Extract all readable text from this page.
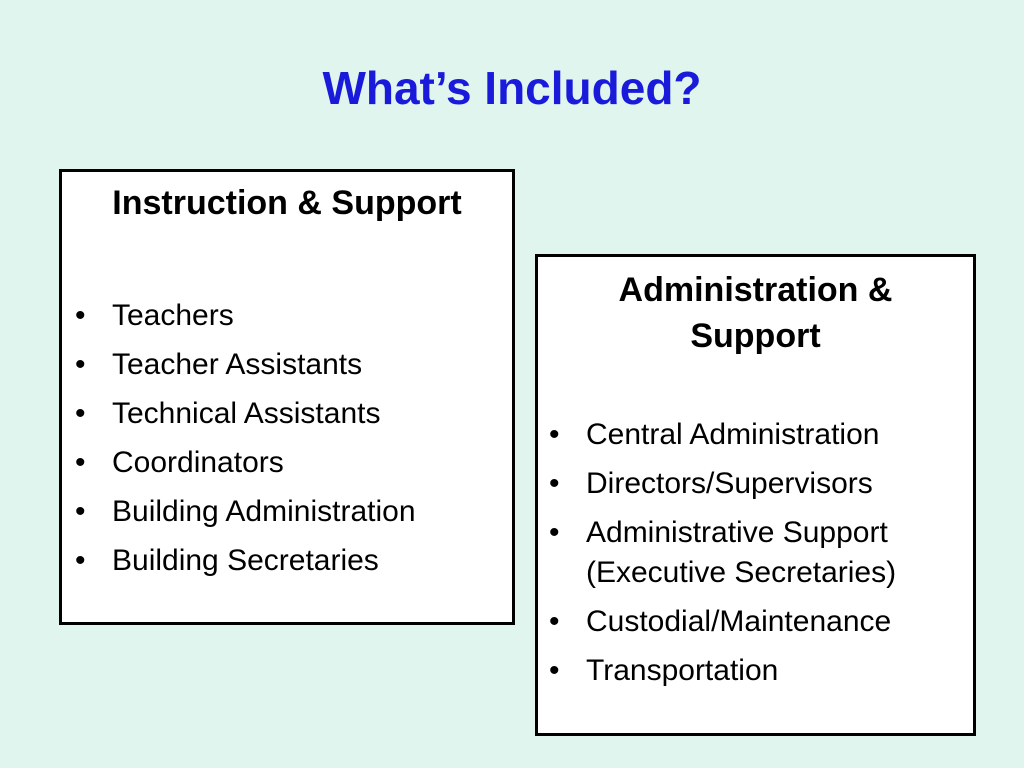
What’s Included?
Instruction & Support
• Teachers
• Teacher Assistants
• Technical Assistants
• Coordinators
• Building Administration
• Building Secretaries
Administration & Support
• Central Administration
• Directors/Supervisors
• Administrative Support (Executive Secretaries)
• Custodial/Maintenance
• Transportation
